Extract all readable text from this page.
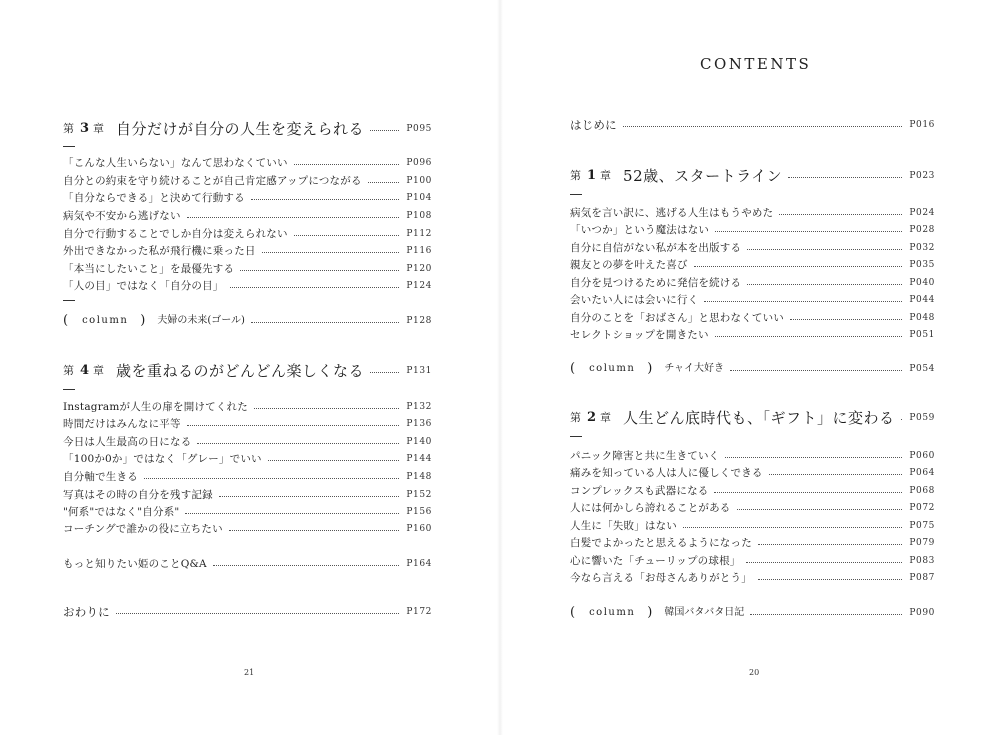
CONTENTS
第 3 章 自分だけが自分の人生を変えられる	P095
「こんな人生いらない」なんて思わなくていい	P096
自分との約束を守り続けることが自己肯定感アップにつながる	P100
「自分ならできる」と決めて行動する	P104
病気や不安から逃げない	P108
自分で行動することでしか自分は変えられない	P112
外出できなかった私が飛行機に乗った日	P116
「本当にしたいこと」を最優先する	P120
「人の目」ではなく「自分の目」	P124
( column ) 夫婦の未来(ゴール)	P128
第 4 章 歳を重ねるのがどんどん楽しくなる	P131
Instagramが人生の扉を開けてくれた	P132
時間だけはみんなに平等	P136
今日は人生最高の日になる	P140
「100か0か」ではなく「グレー」でいい	P144
自分軸で生きる	P148
写真はその時の自分を残す記録	P152
"何系"ではなく"自分系"	P156
コーチングで誰かの役に立ちたい	P160
もっと知りたい姫のことQ&A	P164
おわりに	P172
21
はじめに	P016
第 1 章 52歳、スタートライン	P023
病気を言い訳に、逃げる人生はもうやめた	P024
「いつか」という魔法はない	P028
自分に自信がない私が本を出版する	P032
親友との夢を叶えた喜び	P035
自分を見つけるために発信を続ける	P040
会いたい人には会いに行く	P044
自分のことを「おばさん」と思わなくていい	P048
セレクトショップを開きたい	P051
( column ) チャイ大好き	P054
第 2 章 人生どん底時代も、「ギフト」に変わる P059
パニック障害と共に生きていく	P060
痛みを知っている人は人に優しくできる	P064
コンプレックスも武器になる	P068
人には何かしら誇れることがある	P072
人生に「失敗」はない	P075
白髪でよかったと思えるようになった	P079
心に響いた「チューリップの球根」	P083
今なら言える「お母さんありがとう」	P087
( column ) 韓国バタバタ日記	P090
20
